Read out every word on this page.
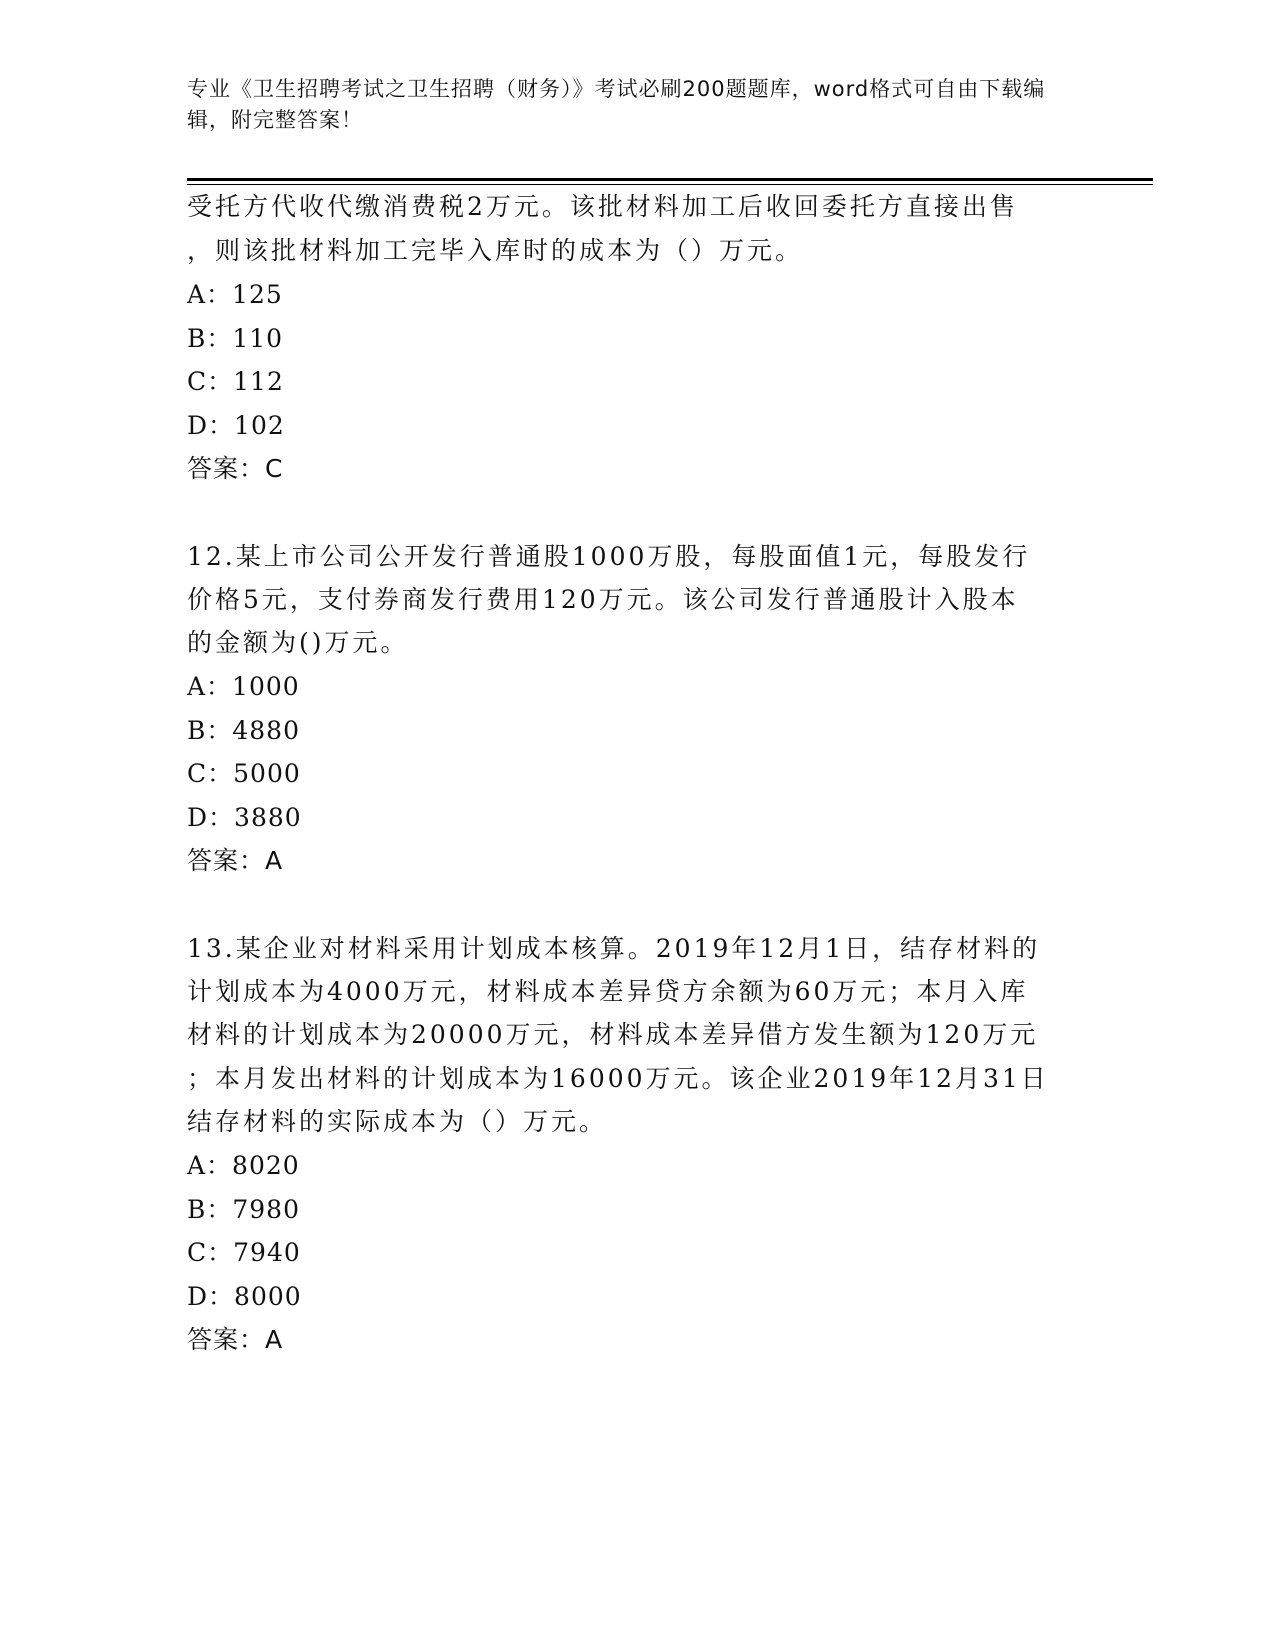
专业《卫生招聘考试之卫生招聘（财务）》考试必刷200题题库，word格式可自由下载编辑，附完整答案！
受托方代收代缴消费税2万元。该批材料加工后收回委托方直接出售
，则该批材料加工完毕入库时的成本为（）万元。
A：125
B：110
C：112
D：102
答案：C
12.某上市公司公开发行普通股1000万股，每股面值1元，每股发行
价格5元，支付券商发行费用120万元。该公司发行普通股计入股本
的金额为()万元。
A：1000
B：4880
C：5000
D：3880
答案：A
13.某企业对材料采用计划成本核算。2019年12月1日，结存材料的
计划成本为4000万元，材料成本差异贷方余额为60万元；本月入库
材料的计划成本为20000万元，材料成本差异借方发生额为120万元
；本月发出材料的计划成本为16000万元。该企业2019年12月31日
结存材料的实际成本为（）万元。
A：8020
B：7980
C：7940
D：8000
答案：A
